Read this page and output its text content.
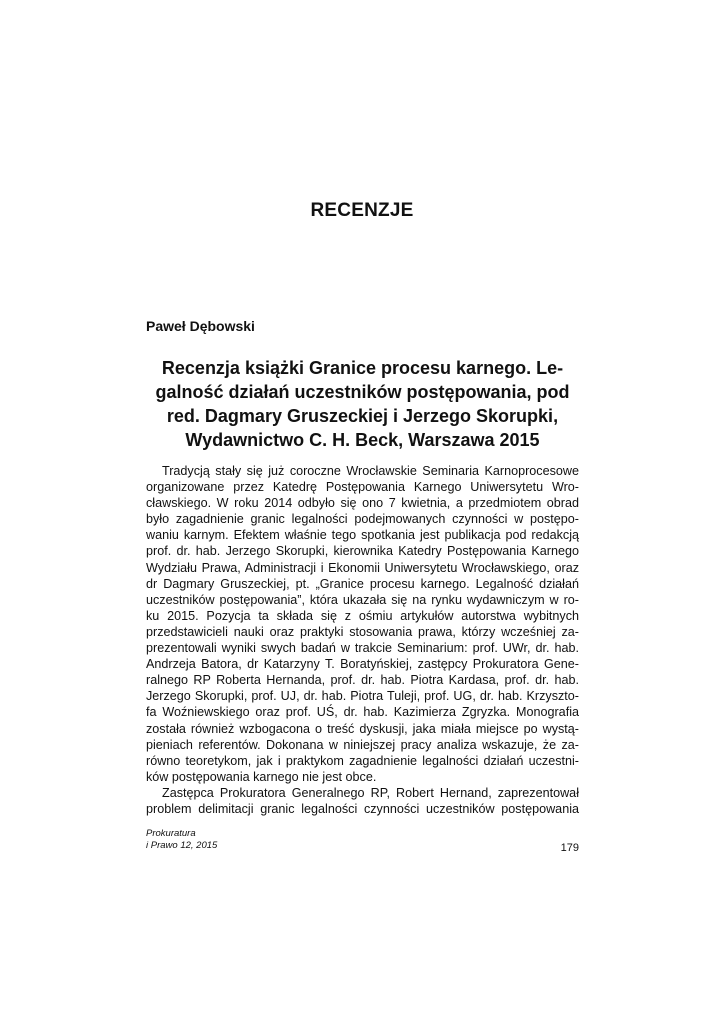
RECENZJE
Paweł Dębowski
Recenzja książki Granice procesu karnego. Le-
galność działań uczestników postępowania, pod
red. Dagmary Gruszeckiej i Jerzego Skorupki,
Wydawnictwo C. H. Beck, Warszawa 2015
Tradycją stały się już coroczne Wrocławskie Seminaria Karnoprocesowe
organizowane przez Katedrę Postępowania Karnego Uniwersytetu Wro-
cławskiego. W roku 2014 odbyło się ono 7 kwietnia, a przedmiotem obrad
było zagadnienie granic legalności podejmowanych czynności w postępo-
waniu karnym. Efektem właśnie tego spotkania jest publikacja pod redakcją
prof. dr. hab. Jerzego Skorupki, kierownika Katedry Postępowania Karnego
Wydziału Prawa, Administracji i Ekonomii Uniwersytetu Wrocławskiego, oraz
dr Dagmary Gruszeckiej, pt. „Granice procesu karnego. Legalność działań
uczestników postępowania”, która ukazała się na rynku wydawniczym w ro-
ku 2015. Pozycja ta składa się z ośmiu artykułów autorstwa wybitnych
przedstawicieli nauki oraz praktyki stosowania prawa, którzy wcześniej za-
prezentowali wyniki swych badań w trakcie Seminarium: prof. UWr, dr. hab.
Andrzeja Batora, dr Katarzyny T. Boratyńskiej, zastępcy Prokuratora Gene-
ralnego RP Roberta Hernanda, prof. dr. hab. Piotra Kardasa, prof. dr. hab.
Jerzego Skorupki, prof. UJ, dr. hab. Piotra Tuleji, prof. UG, dr. hab. Krzyszto-
fa Woźniewskiego oraz prof. UŚ, dr. hab. Kazimierza Zgryzka. Monografia
została również wzbogacona o treść dyskusji, jaka miała miejsce po wystą-
pieniach referentów. Dokonana w niniejszej pracy analiza wskazuje, że za-
równo teoretykom, jak i praktykom zagadnienie legalności działań uczestni-
ków postępowania karnego nie jest obce.
Zastępca Prokuratora Generalnego RP, Robert Hernand, zaprezentował
problem delimitacji granic legalności czynności uczestników postępowania
Prokuratura
i Prawo 12, 2015	179
